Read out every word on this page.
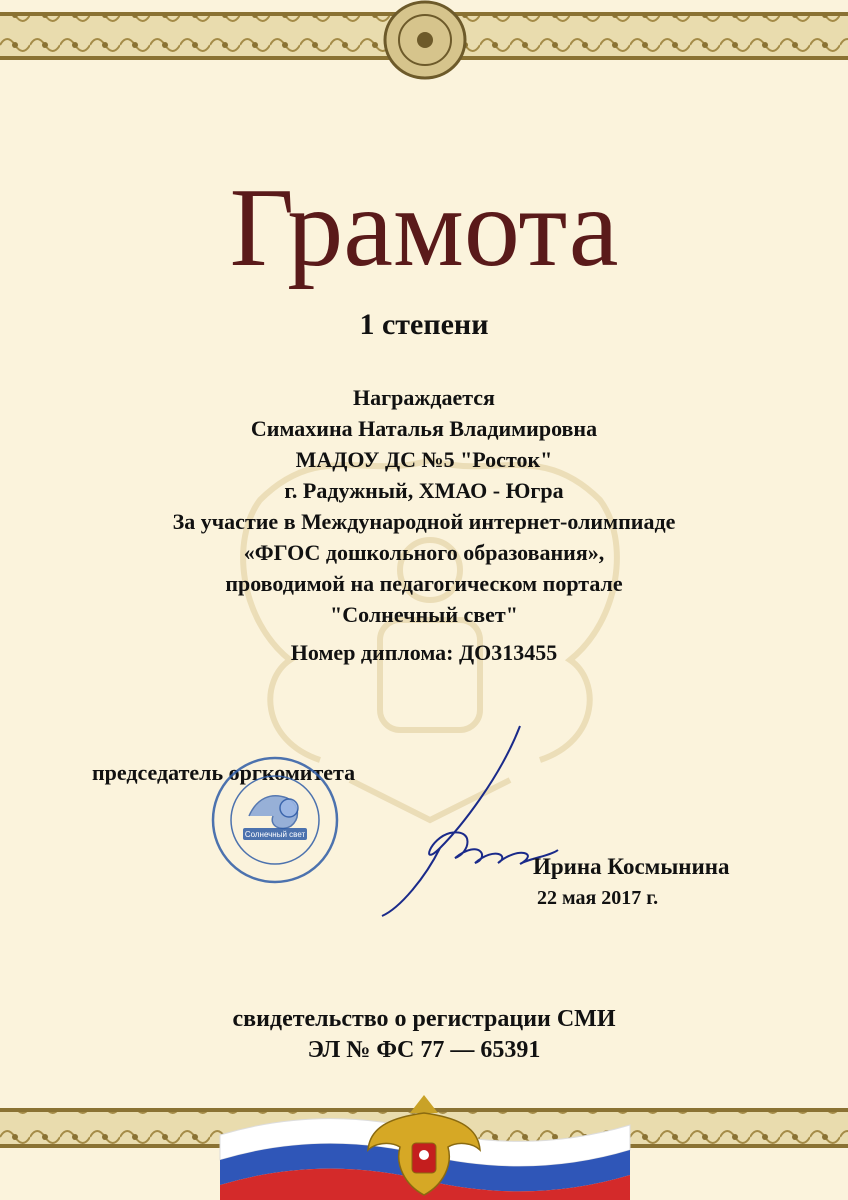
Грамота
1 степени
Награждается
Симахина Наталья Владимировна
МАДОУ ДС №5 "Росток"
г. Радужный, ХМАО - Югра
За участие в Международной интернет-олимпиаде
«ФГОС дошкольного образования»,
проводимой на педагогическом портале
"Солнечный свет"
Номер диплома: ДО313455
председатель оргкомитета
Солнечный свет
Ирина Космынина
22 мая 2017 г.
свидетельство о регистрации СМИ
ЭЛ № ФС 77 — 65391
